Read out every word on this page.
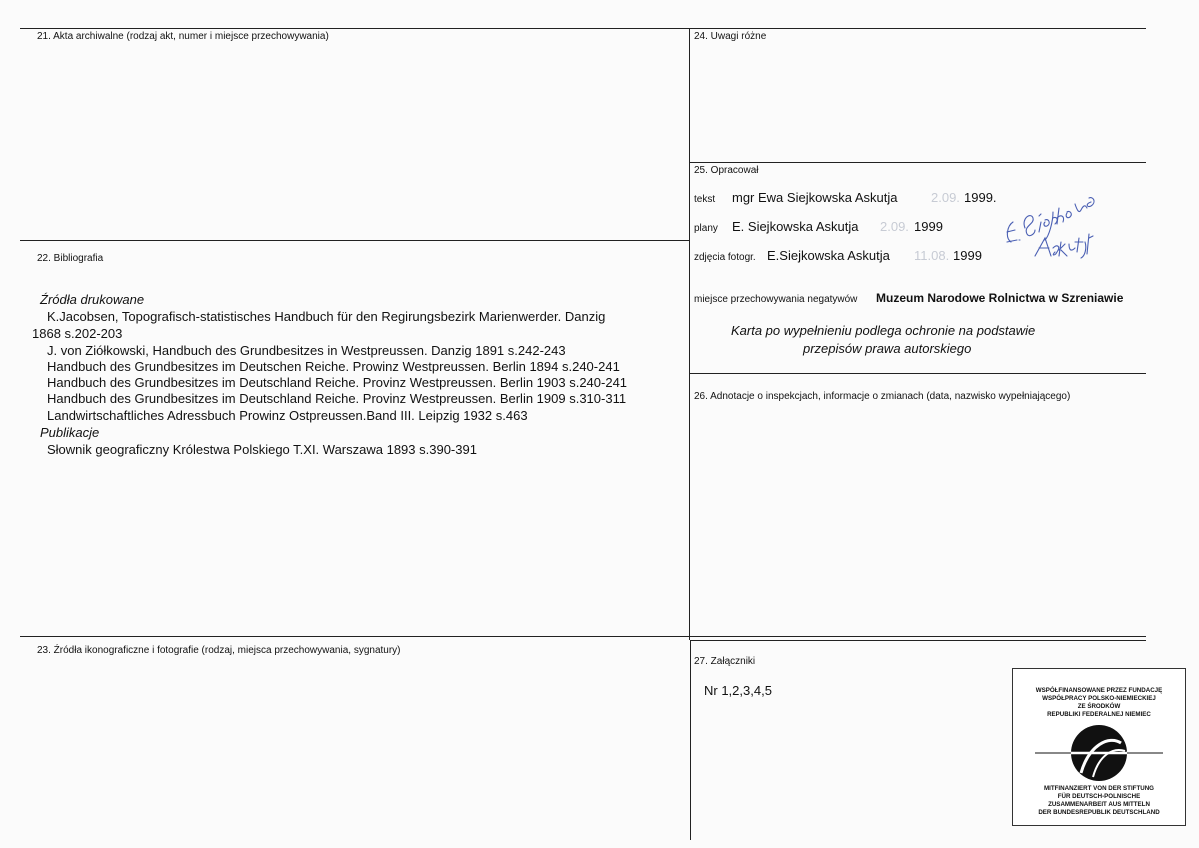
21. Akta archiwalne (rodzaj akt, numer i miejsce przechowywania)
22. Bibliografia
Źródła drukowane
K.Jacobsen, Topografisch-statistisches Handbuch für den Regirungsbezirk Marienwerder. Danzig
1868 s.202-203
J. von Ziółkowski, Handbuch des Grundbesitzes in Westpreussen. Danzig 1891 s.242-243
Handbuch des Grundbesitzes im Deutschen Reiche. Prowinz Westpreussen. Berlin 1894 s.240-241
Handbuch des Grundbesitzes im Deutschland Reiche. Provinz Westpreussen. Berlin 1903 s.240-241
Handbuch des Grundbesitzes im Deutschland Reiche. Provinz Westpreussen. Berlin 1909 s.310-311
Landwirtschaftliches Adressbuch Prowinz Ostpreussen.Band III. Leipzig 1932 s.463
Publikacje
Słownik geograficzny Królestwa Polskiego T.XI. Warszawa 1893 s.390-391
23. Źródła ikonograficzne i fotografie (rodzaj, miejsca przechowywania, sygnatury)
24. Uwagi różne
25. Opracował
tekst mgr Ewa Siejkowska Askutja	2.09. 1999.
plany E. Siejkowska Askutja 2.09. 1999
zdjęcia fotogr. E.Siejkowska Askutja 11.08. 1999
miejsce przechowywania negatywów Muzeum Narodowe Rolnictwa w Szreniawie
Karta po wypełnieniu podlega ochronie na podstawie
przepisów prawa autorskiego
26. Adnotacje o inspekcjach, informacje o zmianach (data, nazwisko wypełniającego)
27. Załączniki
Nr 1,2,3,4,5	WSPÓŁFINANSOWANE PRZEZ FUNDACJĘ
WSPÓŁPRACY POLSKO-NIEMIECKIEJ
ZE ŚRODKÓW
REPUBLIKI FEDERALNEJ NIEMIEC
MITFINANZIERT VON DER STIFTUNG
FÜR DEUTSCH-POLNISCHE
ZUSAMMENARBEIT AUS MITTELN
DER BUNDESREPUBLIK DEUTSCHLAND
